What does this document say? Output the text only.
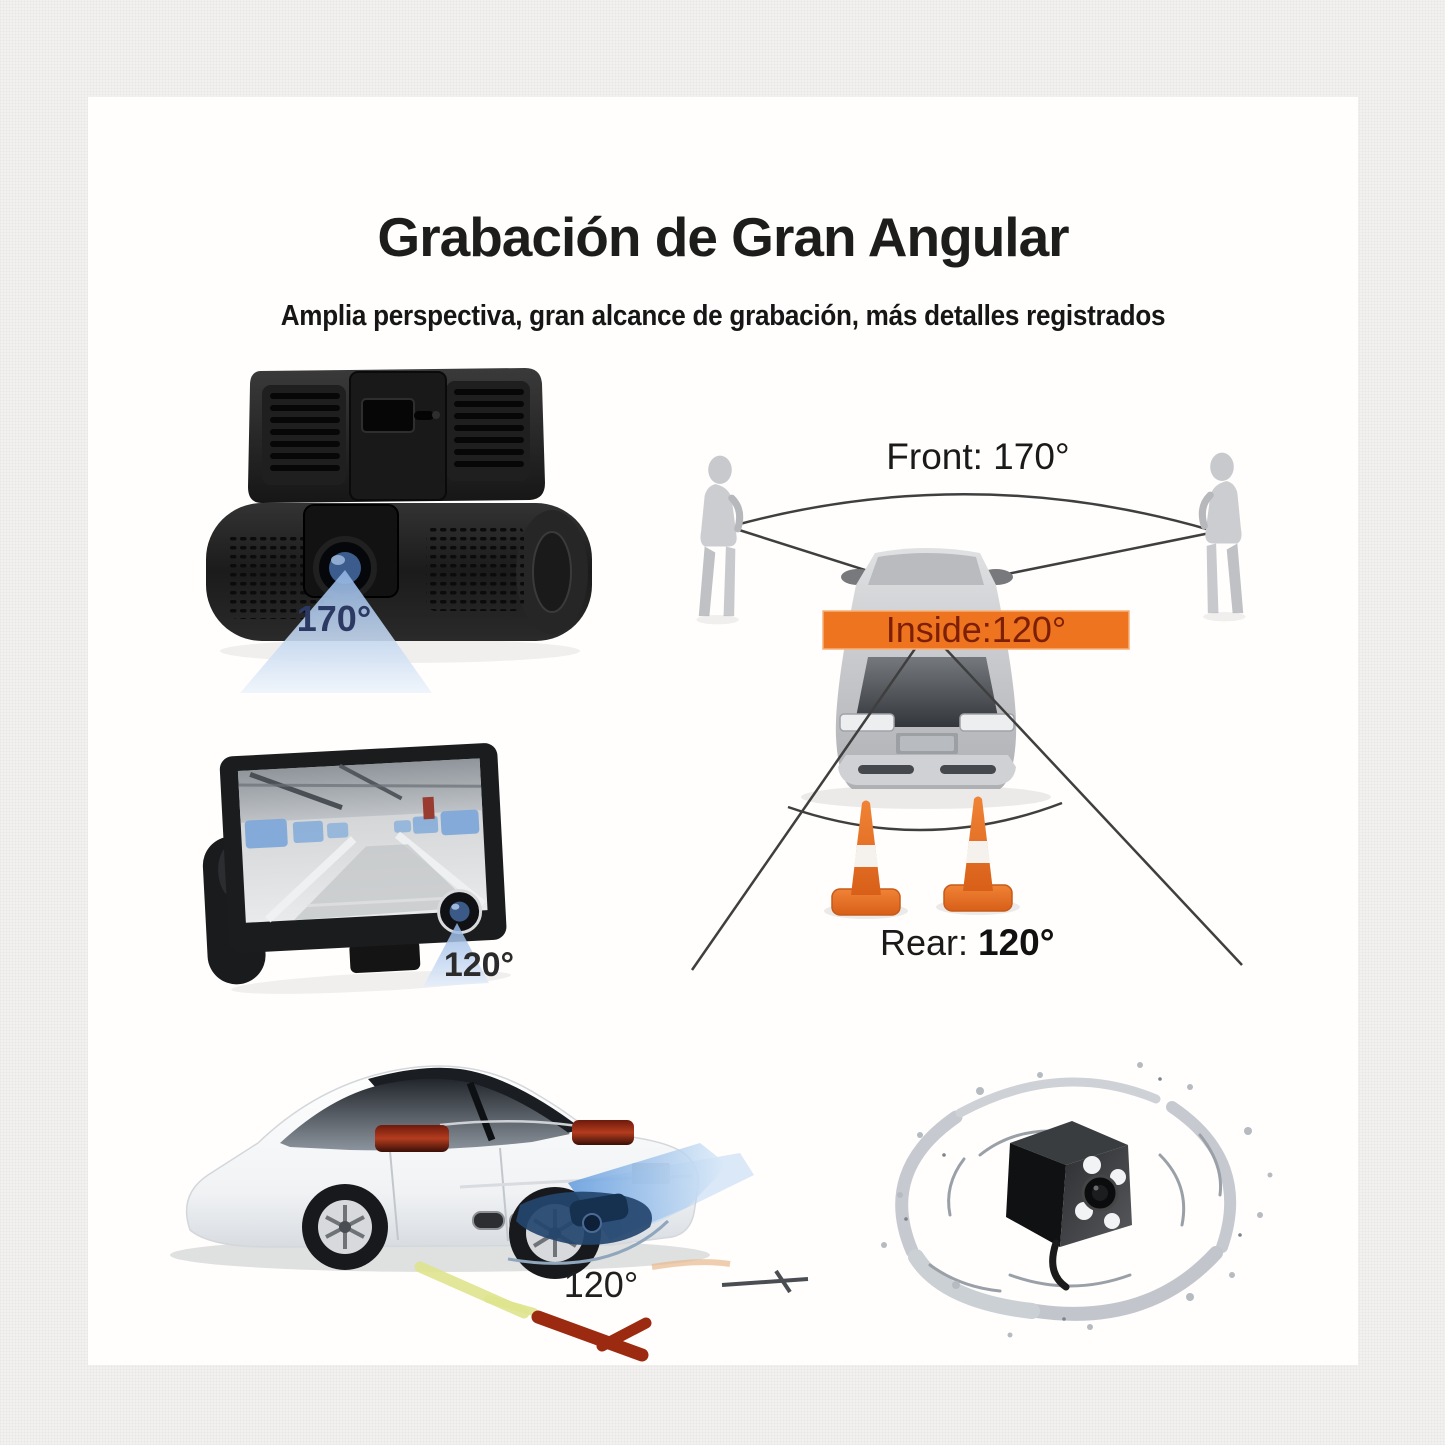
Grabación de Gran Angular
Amplia perspectiva, gran alcance de grabación, más detalles registrados
170°	Inside:120°
Front: 170°
Rear: 120°
120°
120°
